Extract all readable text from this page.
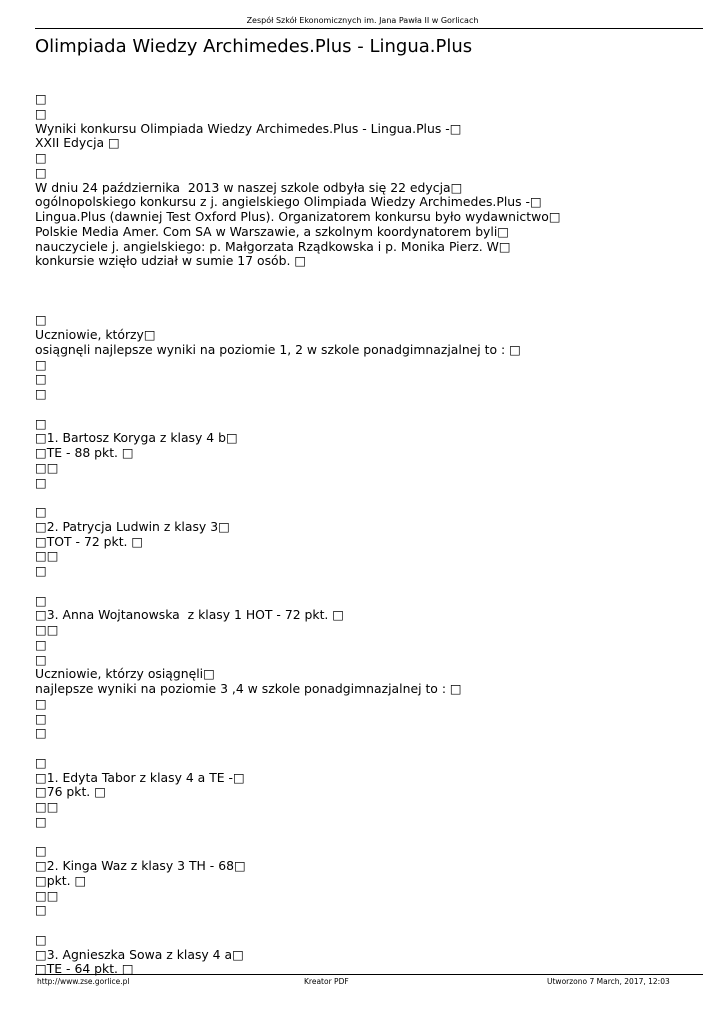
Zespół Szkół Ekonomicznych im. Jana Pawła II w Gorlicach
Olimpiada Wiedzy Archimedes.Plus - Lingua.Plus
□
□
Wyniki konkursu Olimpiada Wiedzy Archimedes.Plus - Lingua.Plus -□
XXII Edycja □
□
□
W dniu 24 października  2013 w naszej szkole odbyła się 22 edycja□
ogólnopolskiego konkursu z j. angielskiego Olimpiada Wiedzy Archimedes.Plus -□
Lingua.Plus (dawniej Test Oxford Plus). Organizatorem konkursu było wydawnictwo□
Polskie Media Amer. Com SA w Warszawie, a szkolnym koordynatorem byli□
nauczyciele j. angielskiego: p. Małgorzata Rządkowska i p. Monika Pierz. W□
konkursie wzięło udział w sumie 17 osób. □
□
Uczniowie, którzy□
osiągnęli najlepsze wyniki na poziomie 1, 2 w szkole ponadgimnazjalnej to : □
□
□
□
□
□1. Bartosz Koryga z klasy 4 b□
□TE - 88 pkt. □
□□
□
□
□2. Patrycja Ludwin z klasy 3□
□TOT - 72 pkt. □
□□
□
□
□3. Anna Wojtanowska  z klasy 1 HOT - 72 pkt. □
□□
□
□
Uczniowie, którzy osiągnęli□
najlepsze wyniki na poziomie 3 ,4 w szkole ponadgimnazjalnej to : □
□
□
□
□
□1. Edyta Tabor z klasy 4 a TE -□
□76 pkt. □
□□
□
□
□2. Kinga Waz z klasy 3 TH - 68□
□pkt. □
□□
□
□
□3. Agnieszka Sowa z klasy 4 a□
□TE - 64 pkt. □
http://www.zse.gorlice.pl	Kreator PDF	Utworzono 7 March, 2017, 12:03
